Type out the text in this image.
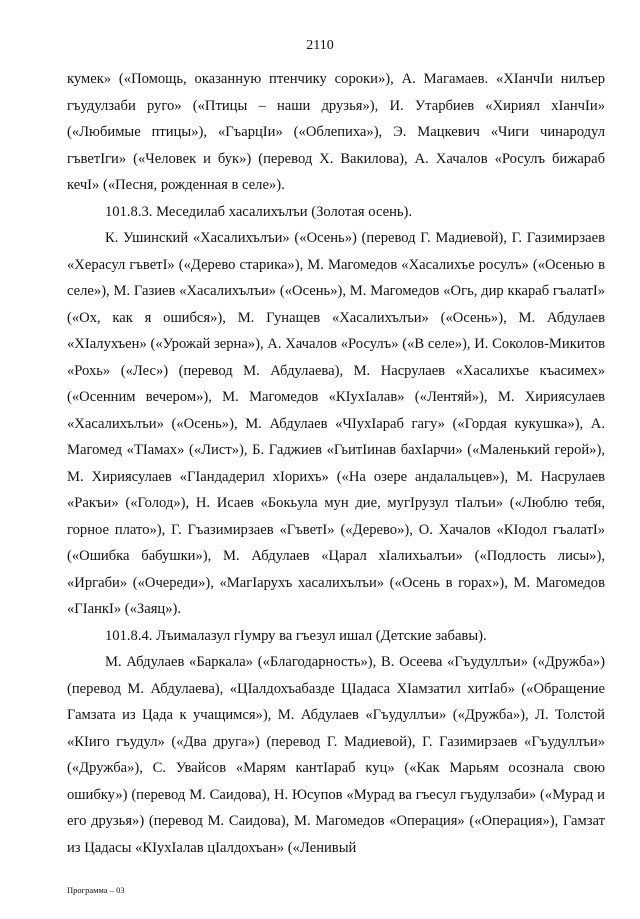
2110

кумек» («Помощь, оказанную птенчику сороки»), А. Магамаев. «ХIанчIи нилъер гъудулзаби руго» («Птицы – наши друзья»), И. Утарбиев «Хириял хIанчIи» («Любимые птицы»), «ГъарцIи» («Облепиха»), Э. Мацкевич «Чиги чинародул гъветIги» («Человек и бук») (перевод Х. Вакилова), А. Хачалов «Росулъ бижараб кечI» («Песня, рожденная в селе»).

101.8.3. Меседилаб хасалихълъи (Золотая осень).

К. Ушинский «Хасалихълъи» («Осень») (перевод Г. Мадиевой), Г. Газимирзаев «Херасул гъветI» («Дерево старика»), М. Магомедов «Хасалихъе росулъ» («Осенью в селе»), М. Газиев «Хасалихълъи» («Осень»), М. Магомедов «Огь, дир ккараб гъалатI» («Ох, как я ошибся»), М. Гунащев «Хасалихълъи» («Осень»), М. Абдулаев «ХIалухъен» («Урожай зерна»), А. Хачалов «Росулъ» («В селе»), И. Соколов-Микитов «Рохь» («Лес») (перевод М. Абдулаева), М. Насрулаев «Хасалихъе къасимех» («Осенним вечером»), М. Магомедов «КIухIалав» («Лентяй»), М. Хириясулаев «Хасалихълъи» («Осень»), М. Абдулаев «ЧIухIараб гагу» («Гордая кукушка»), А. Магомед «ТIамах» («Лист»), Б. Гаджиев «ГьитIинав бахIарчи» («Маленький герой»), М. Хириясулаев «ГIандадерил хIорихъ» («На озере андалальцев»), М. Насрулаев «Ракъи» («Голод»), Н. Исаев «Бокьула мун дие, мугIрузул тIалъи» («Люблю тебя, горное плато»), Г. Гъазимирзаев «ГъветI» («Дерево»), О. Хачалов «КIодол гъалатI» («Ошибка бабушки»), М. Абдулаев «Царал хIалихьалъи» («Подлость лисы»), «Иргаби» («Очереди»), «МагIарухъ хасалихълъи» («Осень в горах»), М. Магомедов «ГIанкI» («Заяц»).

101.8.4. Лъималазул гIумру ва гъезул ишал (Детские забавы).

М. Абдулаев «Баркала» («Благодарность»), В. Осеева «Гъудуллъи» («Дружба») (перевод М. Абдулаева), «ЦIалдохъабазде ЦIадаса ХIамзатил хитIаб» («Обращение Гамзата из Цада к учащимся»), М. Абдулаев «Гъудуллъи» («Дружба»), Л. Толстой «КIиго гъудул» («Два друга») (перевод Г. Мадиевой), Г. Газимирзаев «Гъудуллъи» («Дружба»), С. Увайсов «Марям кантIараб куц» («Как Марьям осознала свою ошибку») (перевод М. Саидова), Н. Юсупов «Мурад ва гъесул гъудулзаби» («Мурад и его друзья») (перевод М. Саидова), М. Магомедов «Операция» («Операция»), Гамзат из Цадасы «КIухIалав цIалдохъан» («Ленивый

Программа – 03
